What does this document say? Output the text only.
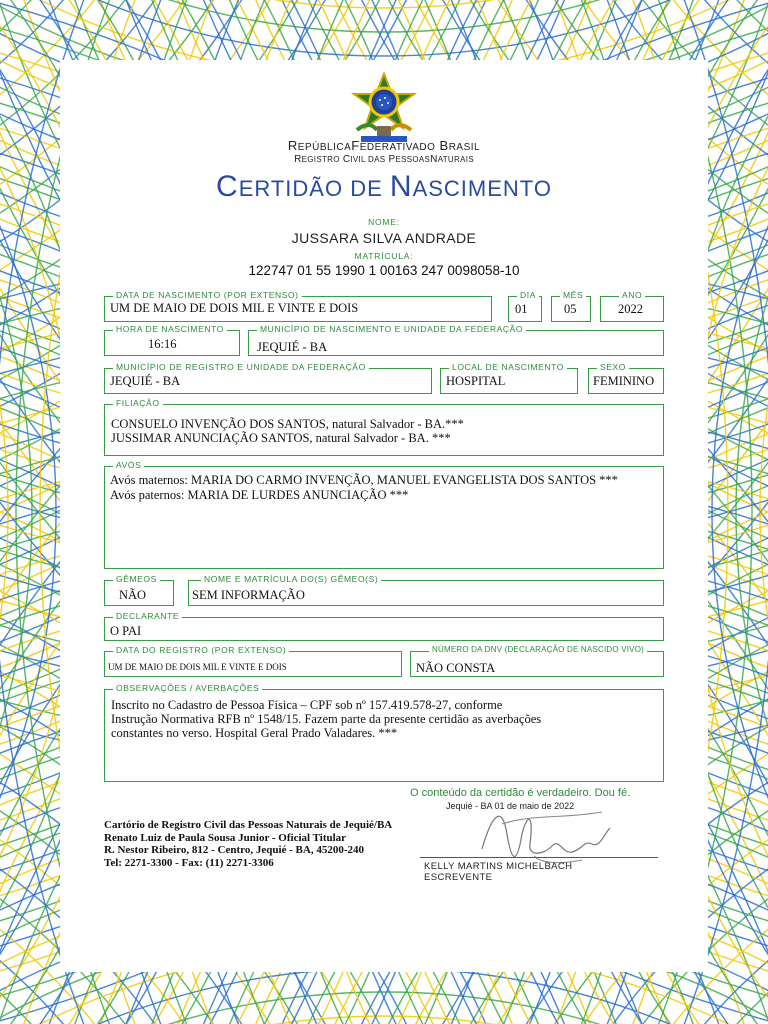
REPÚBLICAFEDERATIVADO BRASIL
REGISTRO CIVIL DAS PESSOASNATURAIS
CERTIDÃO DE NASCIMENTO
NOME:
JUSSARA SILVA ANDRADE
MATRÍCULA:
122747 01 55 1990 1 00163 247 0098058-10
DATA DE NASCIMENTO (POR EXTENSO)
UM DE MAIO DE DOIS MIL E VINTE E DOIS
DIA
01
MÊS
05
ANO
2022
HORA DE NASCIMENTO
16:16
MUNICÍPIO DE NASCIMENTO E UNIDADE DA FEDERAÇÃO
JEQUIÉ - BA
MUNICÍPIO DE REGISTRO E UNIDADE DA FEDERAÇÃO
JEQUIÉ - BA
LOCAL DE NASCIMENTO
HOSPITAL
SEXO
FEMININO
FILIAÇÃO
CONSUELO INVENÇÃO DOS SANTOS, natural Salvador - BA.***
JUSSIMAR ANUNCIAÇÃO SANTOS, natural Salvador - BA. ***
AVÓS
Avós maternos: MARIA DO CARMO INVENÇÃO, MANUEL EVANGELISTA DOS SANTOS ***
Avós paternos: MARIA DE LURDES ANUNCIAÇÃO ***
GÊMEOS
NÃO
NOME E MATRÍCULA DO(S) GÊMEO(S)
SEM INFORMAÇÃO
DECLARANTE
O PAI
DATA DO REGISTRO (POR EXTENSO)
UM DE MAIO DE DOIS MIL E VINTE E DOIS
NÚMERO DA DNV (DECLARAÇÃO DE NASCIDO VIVO)
NÃO CONSTA
OBSERVAÇÕES / AVERBAÇÕES
Inscrito no Cadastro de Pessoa Física – CPF sob nº 157.419.578-27, conforme
Instrução Normativa RFB nº 1548/15. Fazem parte da presente certidão as averbações
constantes no verso. Hospital Geral Prado Valadares. ***
O conteúdo da certidão é verdadeiro. Dou fé.
Jequié - BA 01 de maio de 2022
Cartório de Registro Civil das Pessoas Naturais de Jequié/BA
Renato Luiz de Paula Sousa Junior - Oficial Titular
R. Nestor Ribeiro, 812 - Centro, Jequié - BA, 45200-240
Tel: 2271-3300 - Fax: (11) 2271-3306	KELLY MARTINS MICHELBACH
ESCREVENTE
